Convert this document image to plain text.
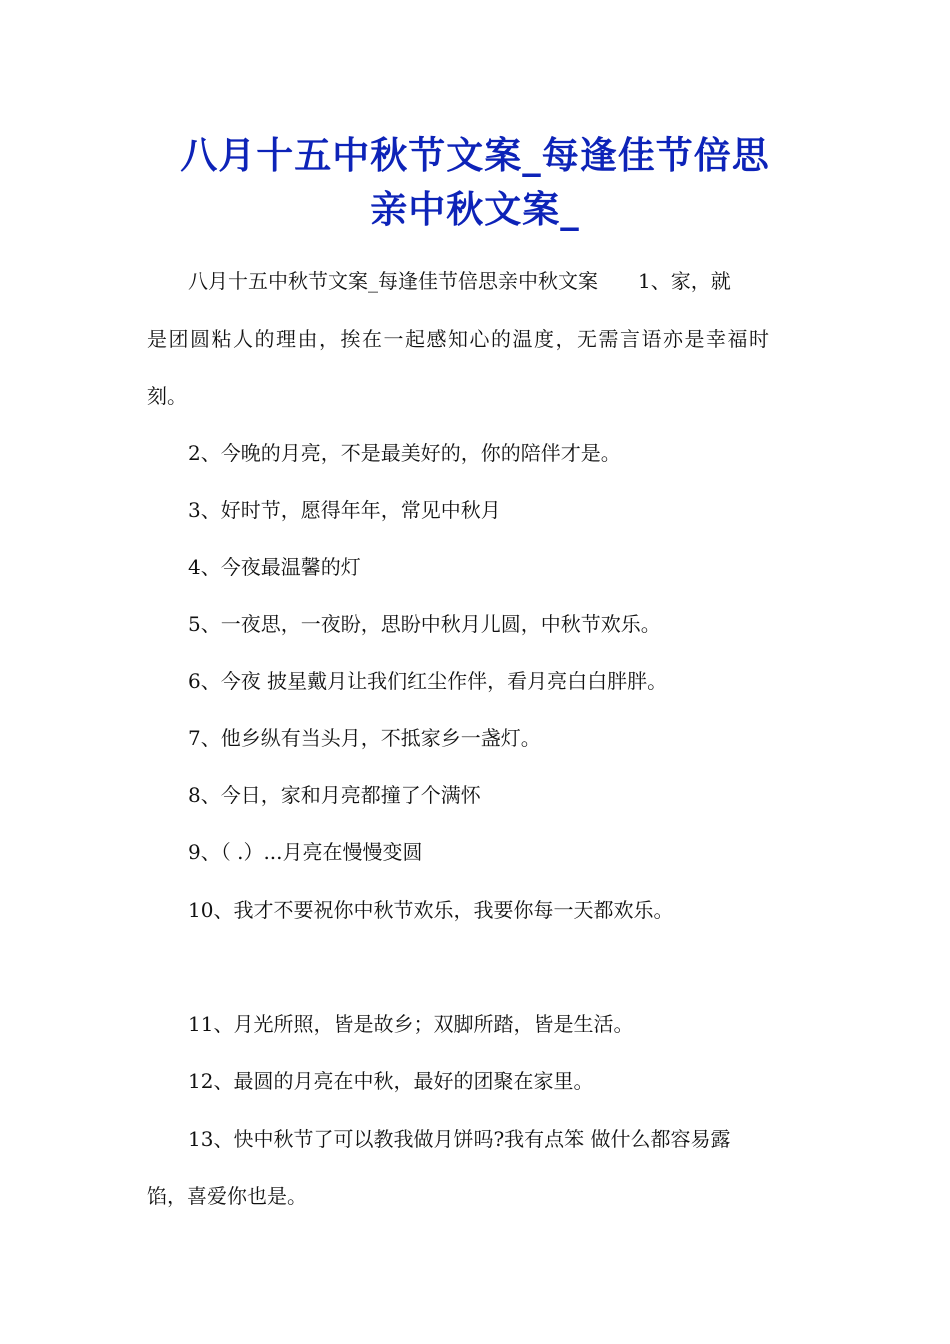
八月十五中秋节文案_每逢佳节倍思
亲中秋文案_

八月十五中秋节文案_每逢佳节倍思亲中秋文案　　1、家，就

是团圆粘人的理由，挨在一起感知心的温度，无需言语亦是幸福时

刻。

2、今晚的月亮，不是最美好的，你的陪伴才是。

3、好时节，愿得年年，常见中秋月

4、今夜最温馨的灯

5、一夜思，一夜盼，思盼中秋月儿圆，中秋节欢乐。

6、今夜 披星戴月让我们红尘作伴，看月亮白白胖胖。

7、他乡纵有当头月，不抵家乡一盏灯。

8、今日，家和月亮都撞了个满怀

9、（ .）...月亮在慢慢变圆

10、我才不要祝你中秋节欢乐，我要你每一天都欢乐。

11、月光所照，皆是故乡；双脚所踏，皆是生活。

12、最圆的月亮在中秋，最好的团聚在家里。

13、快中秋节了可以教我做月饼吗?我有点笨 做什么都容易露

馅，喜爱你也是。
